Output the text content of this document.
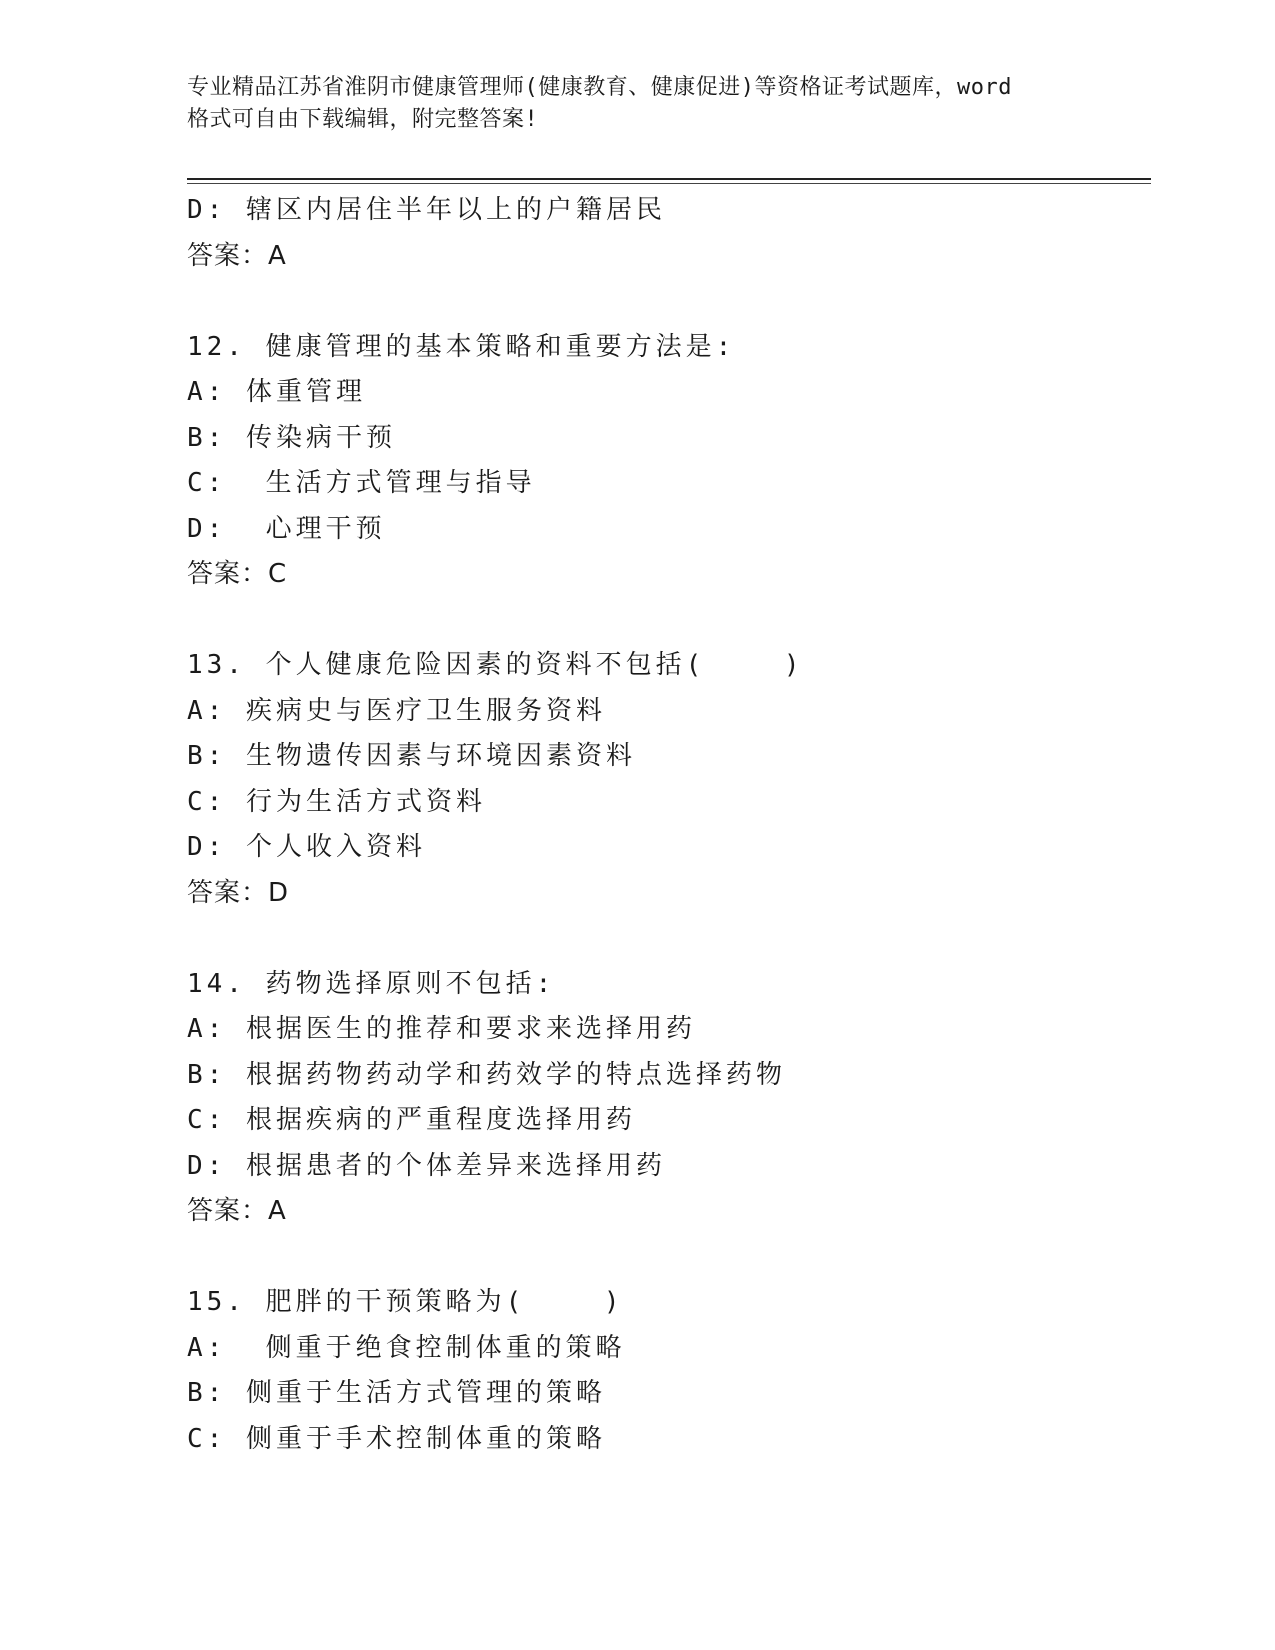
专业精品江苏省淮阴市健康管理师(健康教育、健康促进)等资格证考试题库，word
格式可自由下载编辑，附完整答案!
D: 辖区内居住半年以上的户籍居民
答案：A
12. 健康管理的基本策略和重要方法是:
A: 体重管理
B: 传染病干预
C:  生活方式管理与指导
D:  心理干预
答案：C
13. 个人健康危险因素的资料不包括(    )
A: 疾病史与医疗卫生服务资料
B: 生物遗传因素与环境因素资料
C: 行为生活方式资料
D: 个人收入资料
答案：D
14. 药物选择原则不包括:
A: 根据医生的推荐和要求来选择用药
B: 根据药物药动学和药效学的特点选择药物
C: 根据疾病的严重程度选择用药
D: 根据患者的个体差异来选择用药
答案：A
15. 肥胖的干预策略为(    )
A:  侧重于绝食控制体重的策略
B: 侧重于生活方式管理的策略
C: 侧重于手术控制体重的策略
